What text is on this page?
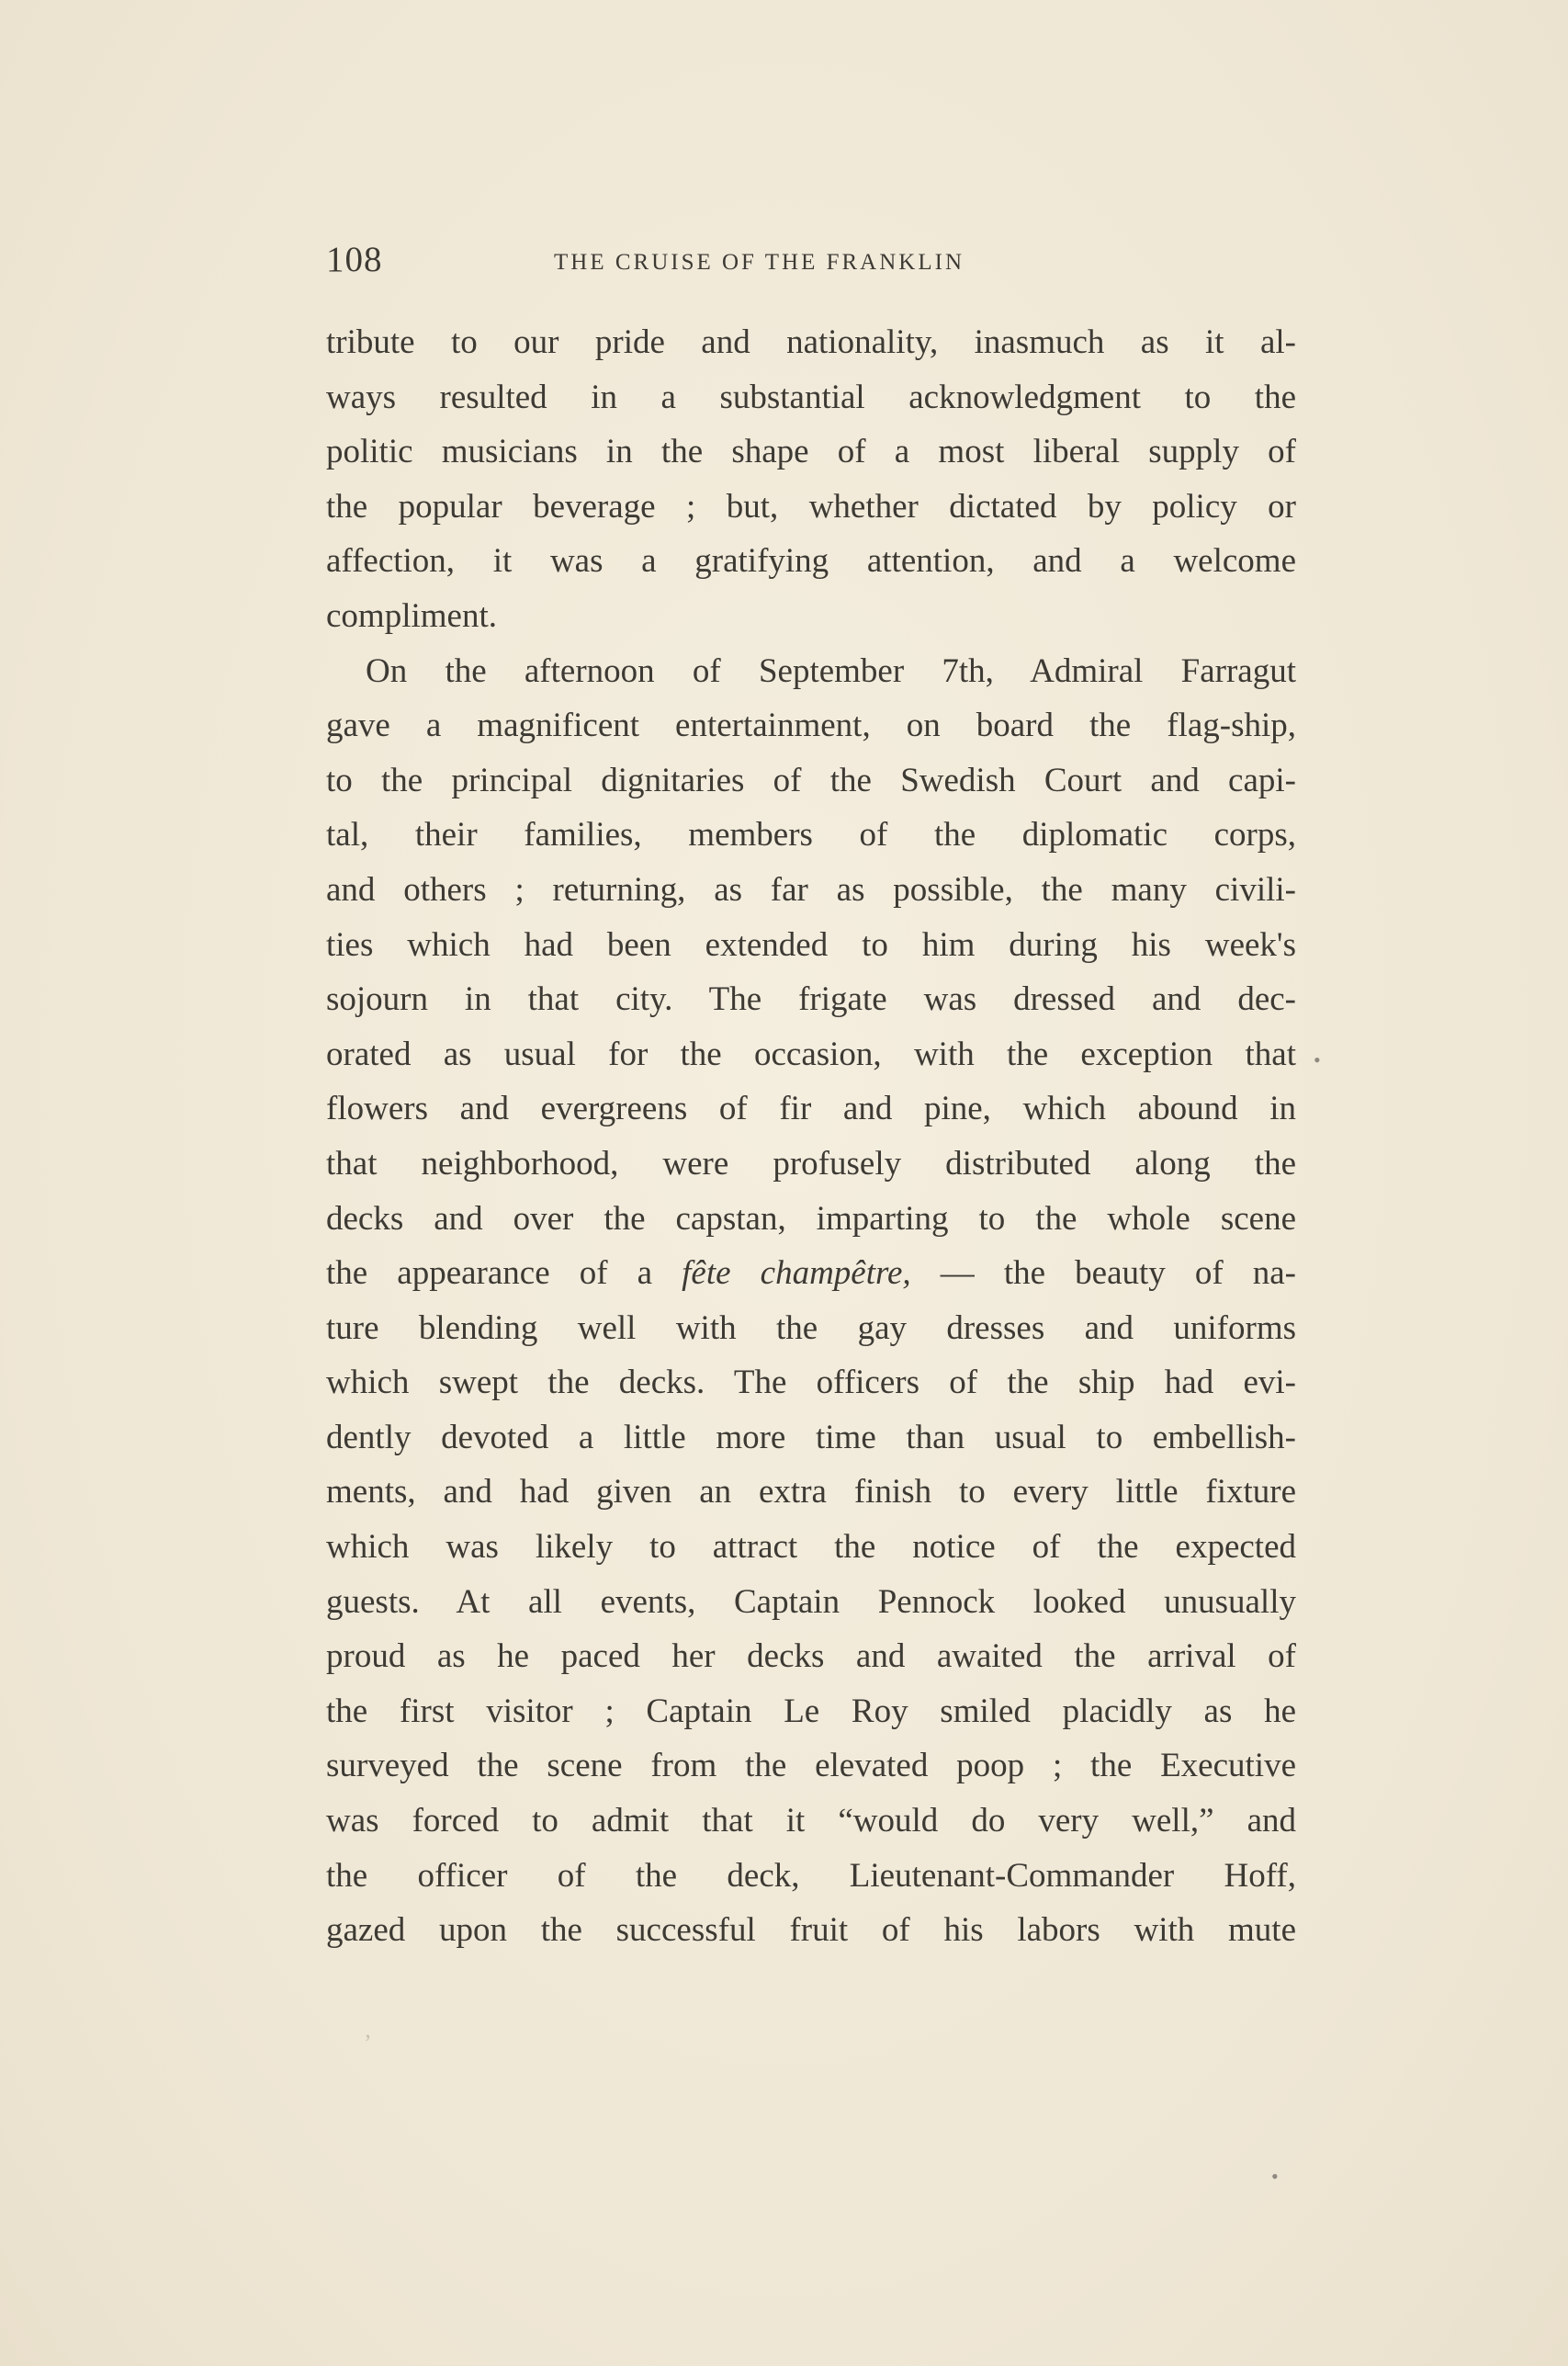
108	THE CRUISE OF THE FRANKLIN
tribute to our pride and nationality, inasmuch as it al-
ways resulted in a substantial acknowledgment to the
politic musicians in the shape of a most liberal supply of
the popular beverage ; but, whether dictated by policy or
affection, it was a gratifying attention, and a welcome
compliment.
On the afternoon of September 7th, Admiral Farragut
gave a magnificent entertainment, on board the flag-ship,
to the principal dignitaries of the Swedish Court and capi-
tal, their families, members of the diplomatic corps,
and others ; returning, as far as possible, the many civili-
ties which had been extended to him during his week's
sojourn in that city. The frigate was dressed and dec-
orated as usual for the occasion, with the exception that
flowers and evergreens of fir and pine, which abound in
that neighborhood, were profusely distributed along the
decks and over the capstan, imparting to the whole scene
the appearance of a fête champêtre, — the beauty of na-
ture blending well with the gay dresses and uniforms
which swept the decks. The officers of the ship had evi-
dently devoted a little more time than usual to embellish-
ments, and had given an extra finish to every little fixture
which was likely to attract the notice of the expected
guests. At all events, Captain Pennock looked unusually
proud as he paced her decks and awaited the arrival of
the first visitor ; Captain Le Roy smiled placidly as he
surveyed the scene from the elevated poop ; the Executive
was forced to admit that it “would do very well,” and
the officer of the deck, Lieutenant-Commander Hoff,
gazed upon the successful fruit of his labors with mute
•
•
‚
